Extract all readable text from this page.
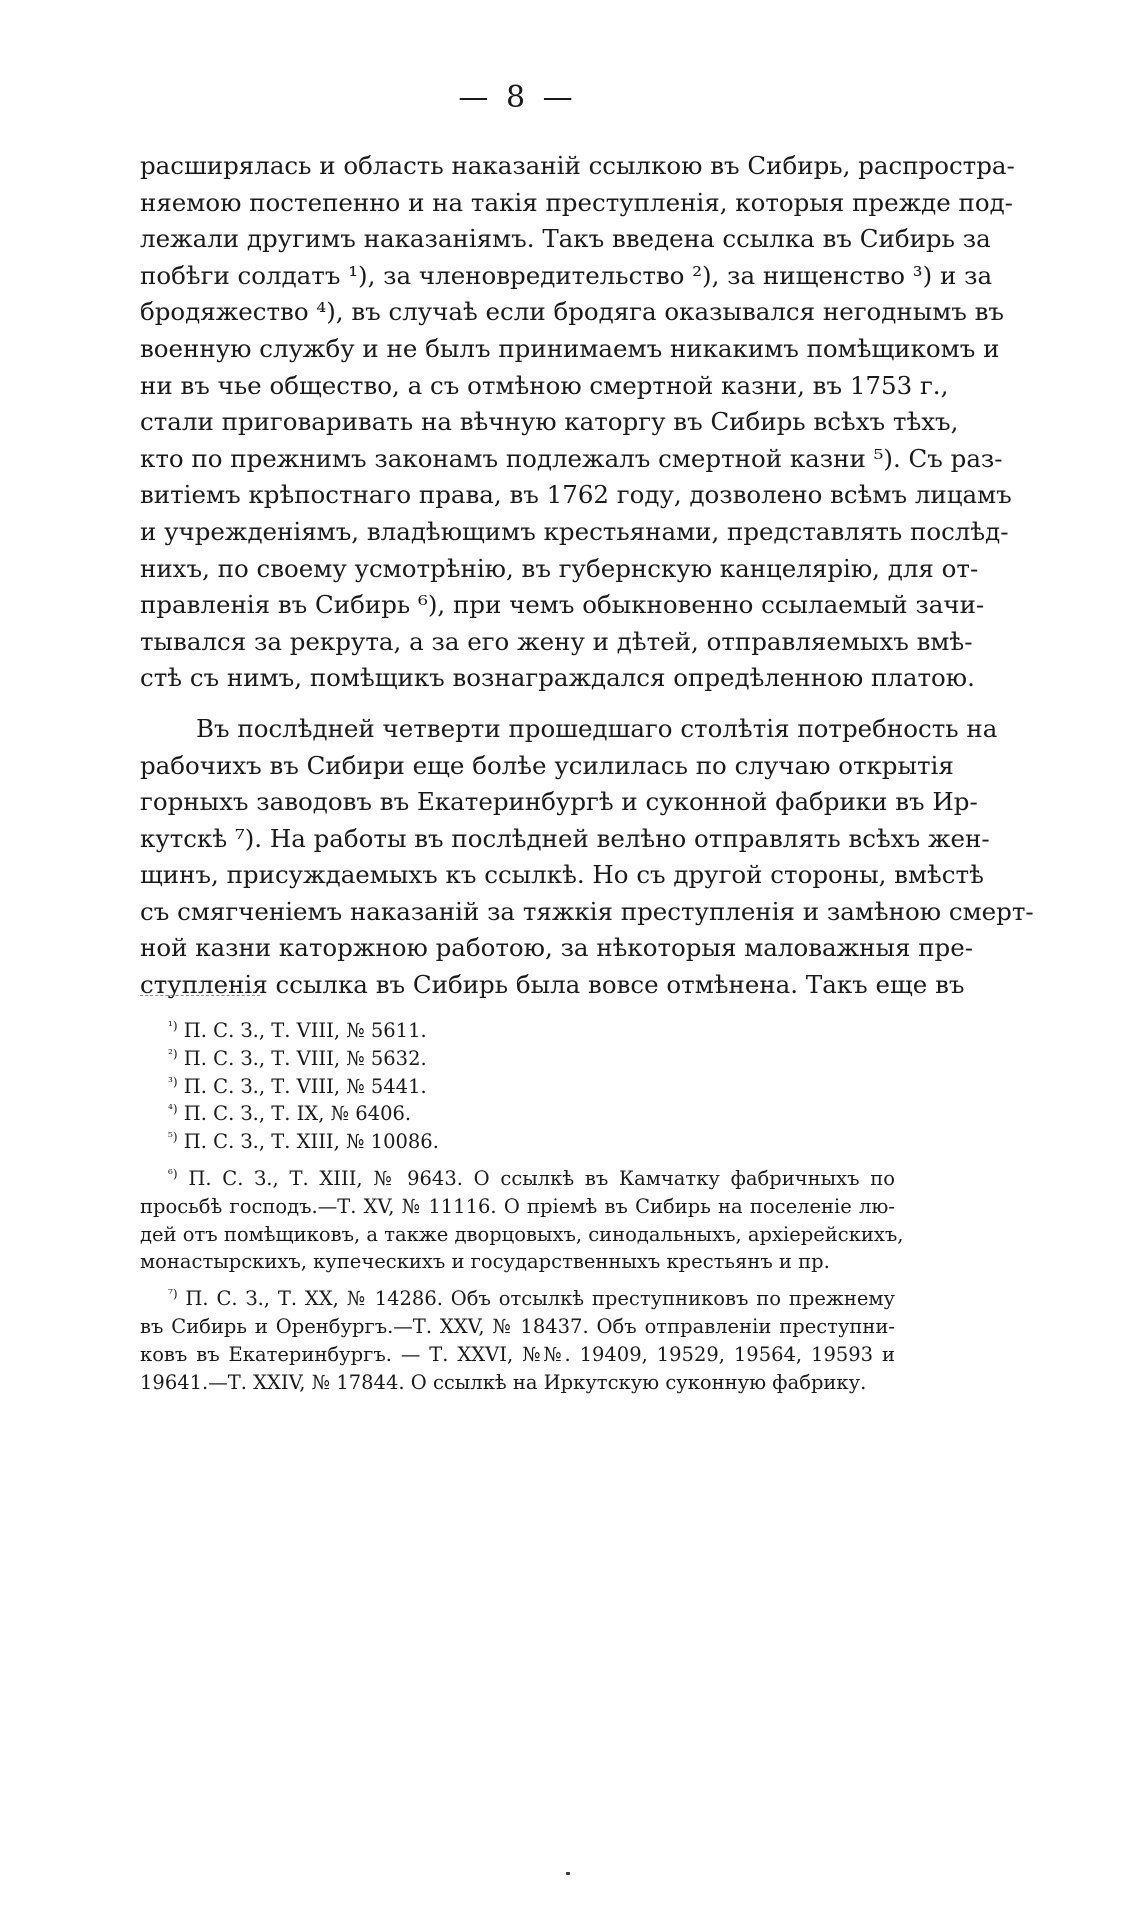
— 8 —

расширялась и область наказаній ссылкою въ Сибирь, распростра-
няемою постепенно и на такія преступленія, которыя прежде под-
лежали другимъ наказаніямъ. Такъ введена ссылка въ Сибирь за
побѣги солдатъ ¹), за членовредительство ²), за нищенство ³) и за
бродяжество ⁴), въ случаѣ если бродяга оказывался негоднымъ въ
военную службу и не былъ принимаемъ никакимъ помѣщикомъ и
ни въ чье общество, а съ отмѣною смертной казни, въ 1753 г.,
стали приговаривать на вѣчную каторгу въ Сибирь всѣхъ тѣхъ,
кто по прежнимъ законамъ подлежалъ смертной казни ⁵). Съ раз-
витіемъ крѣпостнаго права, въ 1762 году, дозволено всѣмъ лицамъ
и учрежденіямъ, владѣющимъ крестьянами, представлять послѣд-
нихъ, по своему усмотрѣнію, въ губернскую канцелярію, для от-
правленія въ Сибирь ⁶), при чемъ обыкновенно ссылаемый зачи-
тывался за рекрута, а за его жену и дѣтей, отправляемыхъ вмѣ-
стѣ съ нимъ, помѣщикъ вознаграждался опредѣленною платою.

Въ послѣдней четверти прошедшаго столѣтія потребность на
рабочихъ въ Сибири еще болѣе усилилась по случаю открытія
горныхъ заводовъ въ Екатеринбургѣ и суконной фабрики въ Ир-
кутскѣ ⁷). На работы въ послѣдней велѣно отправлять всѣхъ жен-
щинъ, присуждаемыхъ къ ссылкѣ. Но съ другой стороны, вмѣстѣ
съ смягченіемъ наказаній за тяжкія преступленія и замѣною смерт-
ной казни каторжною работою, за нѣкоторыя маловажныя пре-
ступленія ссылка въ Сибирь была вовсе отмѣнена. Такъ еще въ

$^{^1)}$ П. С. З., Т. VIII, № 5611.

$^{^2)}$ П. С. З., Т. VIII, № 5632.

$^{^3)}$ П. С. З., Т. VIII, № 5441.

$^{^4)}$ П. С. З., Т. IX, № 6406.

$^{^5)}$ П. С. З., Т. XIII, № 10086.

$^{^6)}$ П. С. З., Т. XIII, № 9643. О ссылкѣ въ Камчатку фабричныхъ по
просьбѣ господъ.—Т. XV, № 11116. О пріемѣ въ Сибирь на поселеніе лю-
дей отъ помѣщиковъ, а также дворцовыхъ, синодальныхъ, архіерейскихъ,
монастырскихъ, купеческихъ и государственныхъ крестьянъ и пр.

$^{^7)}$ П. С. З., Т. XX, № 14286. Объ отсылкѣ преступниковъ по прежнему
въ Сибирь и Оренбургъ.—Т. XXV, № 18437. Объ отправленіи преступни-
ковъ въ Екатеринбургъ. — Т. XXVI, №№. 19409, 19529, 19564, 19593 и
19641.—Т. XXIV, № 17844. О ссылкѣ на Иркутскую суконную фабрику.
